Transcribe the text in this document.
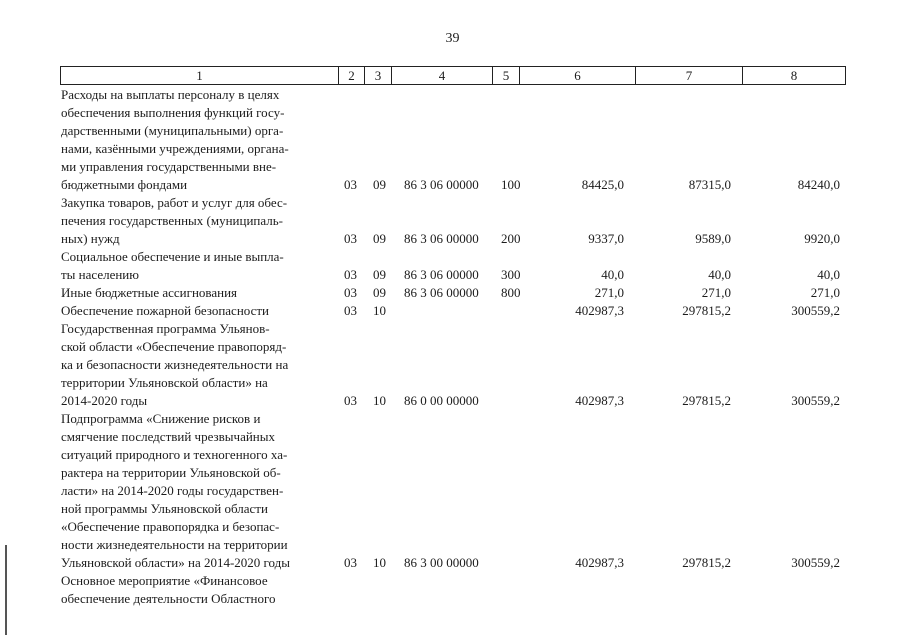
39
1	2	3	4	5	6	7	8
Расходы на выплаты персоналу в целях
обеспечения выполнения функций госу-
дарственными (муниципальными) орга-
нами, казёнными учреждениями, органа-
ми управления государственными вне-
бюджетными фондами	03 09 86 3 06 00000 100	84425,0	87315,0	84240,0
Закупка товаров, работ и услуг для обес-
печения государственных (муниципаль-
ных) нужд	03 09 86 3 06 00000 200	9337,0	9589,0	9920,0
Социальное обеспечение и иные выпла-
ты населению	03 09 86 3 06 00000 300	40,0	40,0	40,0
Иные бюджетные ассигнования	03 09 86 3 06 00000 800	271,0	271,0	271,0
Обеспечение пожарной безопасности	03 10	402987,3	297815,2	300559,2
Государственная программа Ульянов-
ской области «Обеспечение правопоряд-
ка и безопасности жизнедеятельности на
территории Ульяновской области» на
2014-2020 годы	03 10 86 0 00 00000	402987,3	297815,2	300559,2
Подпрограмма «Снижение рисков и
смягчение последствий чрезвычайных
ситуаций природного и техногенного ха-
рактера на территории Ульяновской об-
ласти» на 2014-2020 годы государствен-
ной программы Ульяновской области
«Обеспечение правопорядка и безопас-
ности жизнедеятельности на территории
Ульяновской области» на 2014-2020 годы	03 10 86 3 00 00000	402987,3	297815,2	300559,2
Основное мероприятие «Финансовое
обеспечение деятельности Областного
